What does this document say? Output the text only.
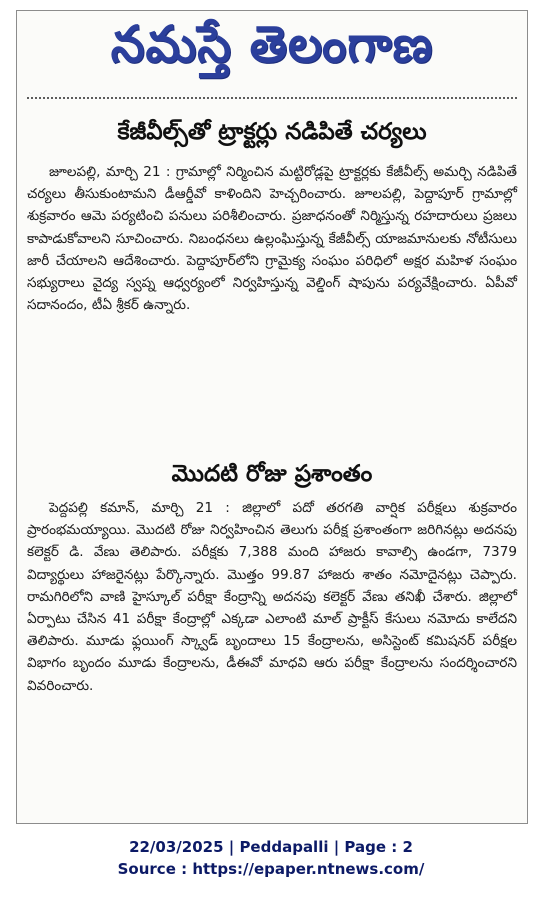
నమస్తే తెలంగాణ
కేజీవీల్స్‌తో ట్రాక్టర్లు నడిపితే చర్యలు

జూలపల్లి, మార్చి 21 : గ్రామాల్లో నిర్మించిన మట్టిరోడ్లపై ట్రాక్టర్లకు కేజీవీల్స్ అమర్చి నడిపితే చర్యలు తీసుకుంటామని డీఆర్డీవో కాళిందిని హెచ్చరించారు. జూలపల్లి, పెద్దాపూర్ గ్రామాల్లో శుక్రవారం ఆమె పర్యటించి పనులు పరిశీలించారు. ప్రజాధనంతో నిర్మిస్తున్న రహదారులు ప్రజలు కాపాడుకోవాలని సూచించారు. నిబంధనలు ఉల్లంఘిస్తున్న కేజీవీల్స్ యాజమానులకు నోటీసులు జారీ చేయాలని ఆదేశించారు. పెద్దాపూర్‌లోని గ్రామైక్య సంఘం పరిధిలో అక్షర మహిళ సంఘం సభ్యురాలు వైద్య స్వప్న ఆధ్వర్యంలో నిర్వహిస్తున్న వెల్డింగ్ షాపును పర్యవేక్షించారు. ఏపీవో సదానందం, టీఏ శ్రీకర్ ఉన్నారు.

మొదటి రోజు ప్రశాంతం

పెద్దపల్లి కమాన్, మార్చి 21 : జిల్లాలో పదో తరగతి వార్షిక పరీక్షలు శుక్రవారం ప్రారంభమయ్యాయి. మొదటి రోజు నిర్వహించిన తెలుగు పరీక్ష ప్రశాంతంగా జరిగినట్లు అదనపు కలెక్టర్ డి. వేణు తెలిపారు. పరీక్షకు 7,388 మంది హాజరు కావాల్సి ఉండగా, 7379 విద్యార్థులు హాజరైనట్లు పేర్కొన్నారు. మొత్తం 99.87 హాజరు శాతం నమోదైనట్లు చెప్పారు. రామగిరిలోని వాణి హైస్కూల్ పరీక్షా కేంద్రాన్ని అదనపు కలెక్టర్ వేణు తనిఖీ చేశారు. జిల్లాలో ఏర్పాటు చేసిన 41 పరీక్షా కేంద్రాల్లో ఎక్కడా ఎలాంటి మాల్ ప్రాక్టీస్ కేసులు నమోదు కాలేదని తెలిపారు. మూడు ఫ్లయింగ్ స్క్వాడ్ బృందాలు 15 కేంద్రాలను, అసిస్టెంట్ కమిషనర్ పరీక్షల విభాగం బృందం మూడు కేంద్రాలను, డీఈవో మాధవి ఆరు పరీక్షా కేంద్రాలను సందర్శించారని వివరించారు.

22/03/2025 | Peddapalli | Page : 2
Source : https://epaper.ntnews.com/
